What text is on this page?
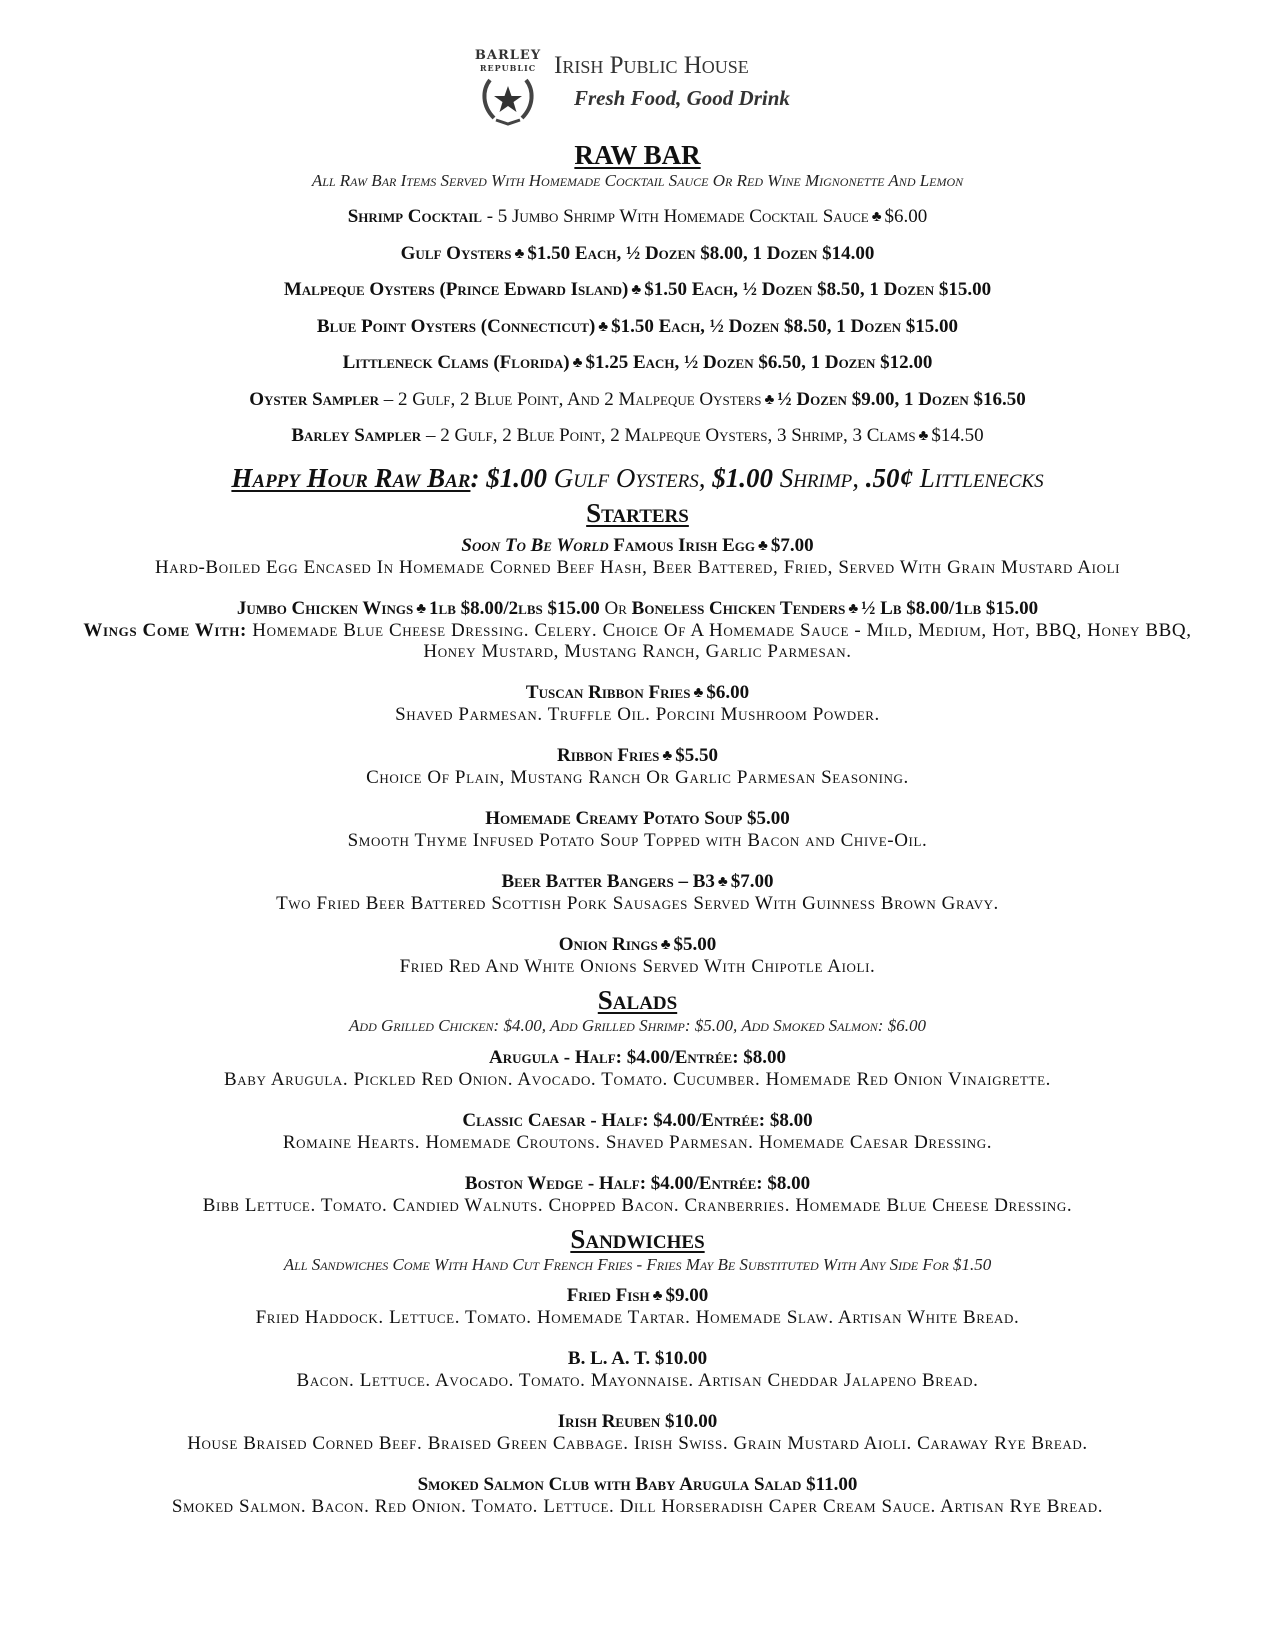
BARLEY
REPUBLIC Irish Public House
Fresh Food, Good Drink
RAW BAR

All Raw Bar Items Served With Homemade Cocktail Sauce Or Red Wine Mignonette And Lemon

Shrimp Cocktail - 5 Jumbo Shrimp With Homemade Cocktail Sauce ♣ $6.00

Gulf Oysters ♣ $1.50 Each, ½ Dozen $8.00, 1 Dozen $14.00

Malpeque Oysters (Prince Edward Island) ♣ $1.50 Each, ½ Dozen $8.50, 1 Dozen $15.00

Blue Point Oysters (Connecticut) ♣ $1.50 Each, ½ Dozen $8.50, 1 Dozen $15.00

Littleneck Clams (Florida) ♣ $1.25 Each, ½ Dozen $6.50, 1 Dozen $12.00

Oyster Sampler – 2 Gulf, 2 Blue Point, And 2 Malpeque Oysters ♣ ½ Dozen $9.00, 1 Dozen $16.50

Barley Sampler – 2 Gulf, 2 Blue Point, 2 Malpeque Oysters, 3 Shrimp, 3 Clams ♣ $14.50

Happy Hour Raw Bar: $1.00 Gulf Oysters, $1.00 Shrimp, .50¢ Littlenecks

Starters

Soon To Be World Famous Irish Egg ♣ $7.00

Hard-Boiled Egg Encased In Homemade Corned Beef Hash, Beer Battered, Fried, Served With Grain Mustard Aioli

Jumbo Chicken Wings ♣ 1lb $8.00/2lbs $15.00 Or Boneless Chicken Tenders ♣ ½ Lb $8.00/1lb $15.00

Wings Come With: Homemade Blue Cheese Dressing. Celery. Choice Of A Homemade Sauce - Mild, Medium, Hot, BBQ, Honey BBQ, Honey Mustard, Mustang Ranch, Garlic Parmesan.

Tuscan Ribbon Fries ♣ $6.00

Shaved Parmesan. Truffle Oil. Porcini Mushroom Powder.

Ribbon Fries ♣ $5.50

Choice Of Plain, Mustang Ranch Or Garlic Parmesan Seasoning.

Homemade Creamy Potato Soup $5.00

Smooth Thyme Infused Potato Soup Topped with Bacon and Chive-Oil.

Beer Batter Bangers – B3 ♣ $7.00

Two Fried Beer Battered Scottish Pork Sausages Served With Guinness Brown Gravy.

Onion Rings ♣ $5.00

Fried Red And White Onions Served With Chipotle Aioli.

Salads

Add Grilled Chicken: $4.00, Add Grilled Shrimp: $5.00, Add Smoked Salmon: $6.00

Arugula - Half: $4.00/Entrée: $8.00

Baby Arugula. Pickled Red Onion. Avocado. Tomato. Cucumber. Homemade Red Onion Vinaigrette.

Classic Caesar - Half: $4.00/Entrée: $8.00

Romaine Hearts. Homemade Croutons. Shaved Parmesan. Homemade Caesar Dressing.

Boston Wedge - Half: $4.00/Entrée: $8.00

Bibb Lettuce. Tomato. Candied Walnuts. Chopped Bacon. Cranberries. Homemade Blue Cheese Dressing.

Sandwiches

All Sandwiches Come With Hand Cut French Fries - Fries May Be Substituted With Any Side For $1.50

Fried Fish ♣ $9.00

Fried Haddock. Lettuce. Tomato. Homemade Tartar. Homemade Slaw. Artisan White Bread.

B. L. A. T. $10.00

Bacon. Lettuce. Avocado. Tomato. Mayonnaise. Artisan Cheddar Jalapeno Bread.

Irish Reuben $10.00

House Braised Corned Beef. Braised Green Cabbage. Irish Swiss. Grain Mustard Aioli. Caraway Rye Bread.

Smoked Salmon Club with Baby Arugula Salad $11.00

Smoked Salmon. Bacon. Red Onion. Tomato. Lettuce. Dill Horseradish Caper Cream Sauce. Artisan Rye Bread.
